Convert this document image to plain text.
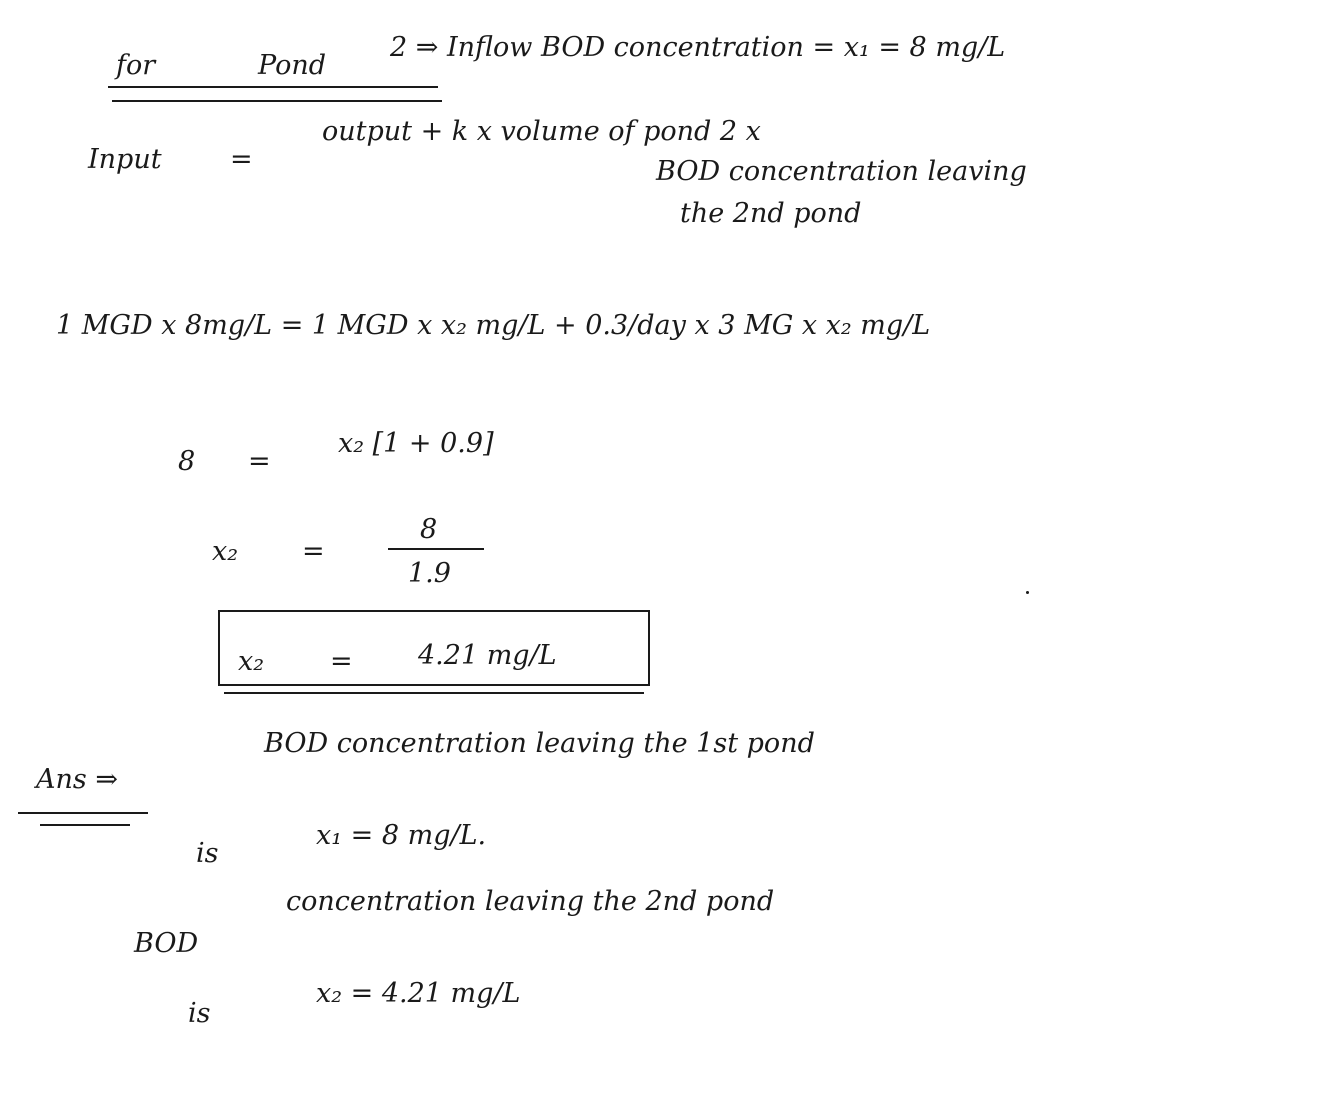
for	Pond
2 ⇒ Inflow BOD concentration = x₁ = 8 mg/L
Input	=
output + k x volume of pond 2 x
BOD concentration leaving
the 2nd pond
1 MGD x 8mg/L = 1 MGD x x₂ mg/L + 0.3/day x 3 MG x x₂ mg/L
8 =
x₂ [1 + 0.9]
x₂ =
8
1.9
x₂ = 4.21 mg/L
Ans ⇒
BOD concentration leaving the 1st pond
is
x₁ = 8 mg/L.
BOD
concentration leaving the 2nd pond
is
x₂ = 4.21 mg/L
